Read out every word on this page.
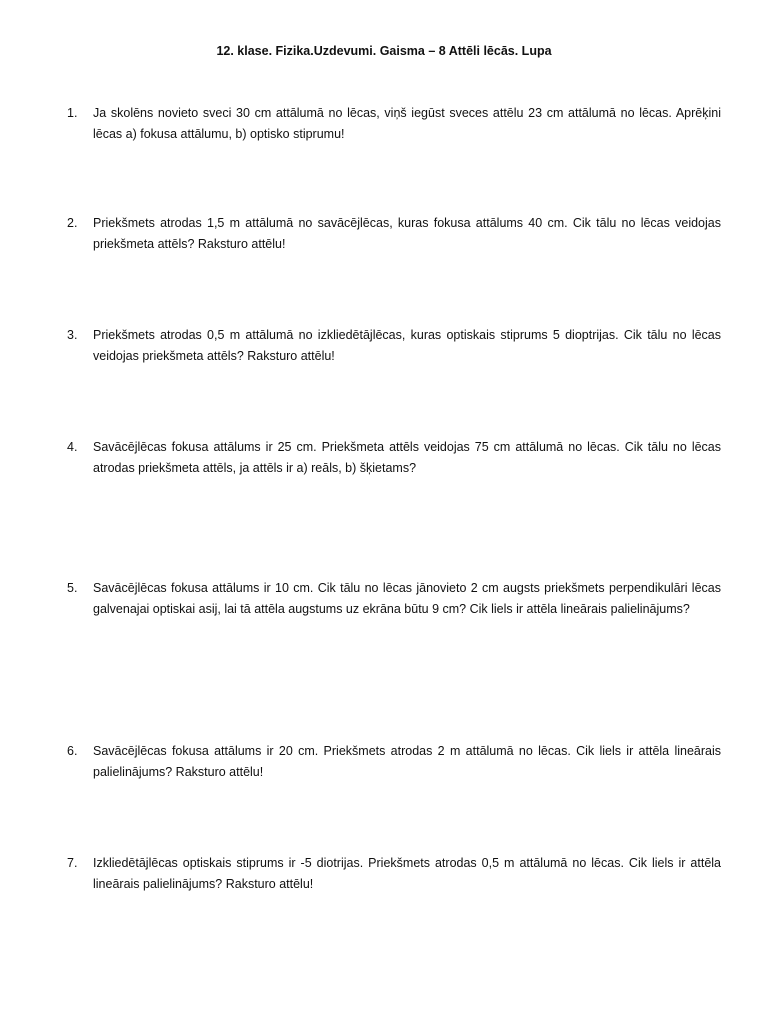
12. klase. Fizika.Uzdevumi. Gaisma – 8 Attēli lēcās. Lupa
1.	Ja skolēns novieto sveci 30 cm attālumā no lēcas, viņš iegūst sveces attēlu 23 cm attālumā no lēcas. Aprēķini lēcas a) fokusa attālumu, b) optisko stiprumu!
2.	Priekšmets atrodas 1,5 m attālumā no savācējlēcas, kuras fokusa attālums 40 cm. Cik tālu no lēcas veidojas priekšmeta attēls? Raksturo attēlu!
3.	Priekšmets atrodas 0,5 m attālumā no izkliedētājlēcas, kuras optiskais stiprums 5 dioptrijas. Cik tālu no lēcas veidojas priekšmeta attēls? Raksturo attēlu!
4.	Savācējlēcas fokusa attālums ir 25 cm. Priekšmeta attēls veidojas 75 cm attālumā no lēcas. Cik tālu no lēcas atrodas priekšmeta attēls, ja attēls ir a) reāls, b) šķietams?
5.	Savācējlēcas fokusa attālums ir 10 cm. Cik tālu no lēcas jānovieto 2 cm augsts priekšmets perpendikulāri lēcas galvenajai optiskai asij, lai tā attēla augstums uz ekrāna būtu 9 cm? Cik liels ir attēla lineārais palielinājums?
6.	Savācējlēcas fokusa attālums ir 20 cm. Priekšmets atrodas 2 m attālumā no lēcas. Cik liels ir attēla lineārais palielinājums? Raksturo attēlu!
7.	Izkliedētājlēcas optiskais stiprums ir -5 diotrijas. Priekšmets atrodas 0,5 m attālumā no lēcas. Cik liels ir attēla lineārais palielinājums? Raksturo attēlu!
